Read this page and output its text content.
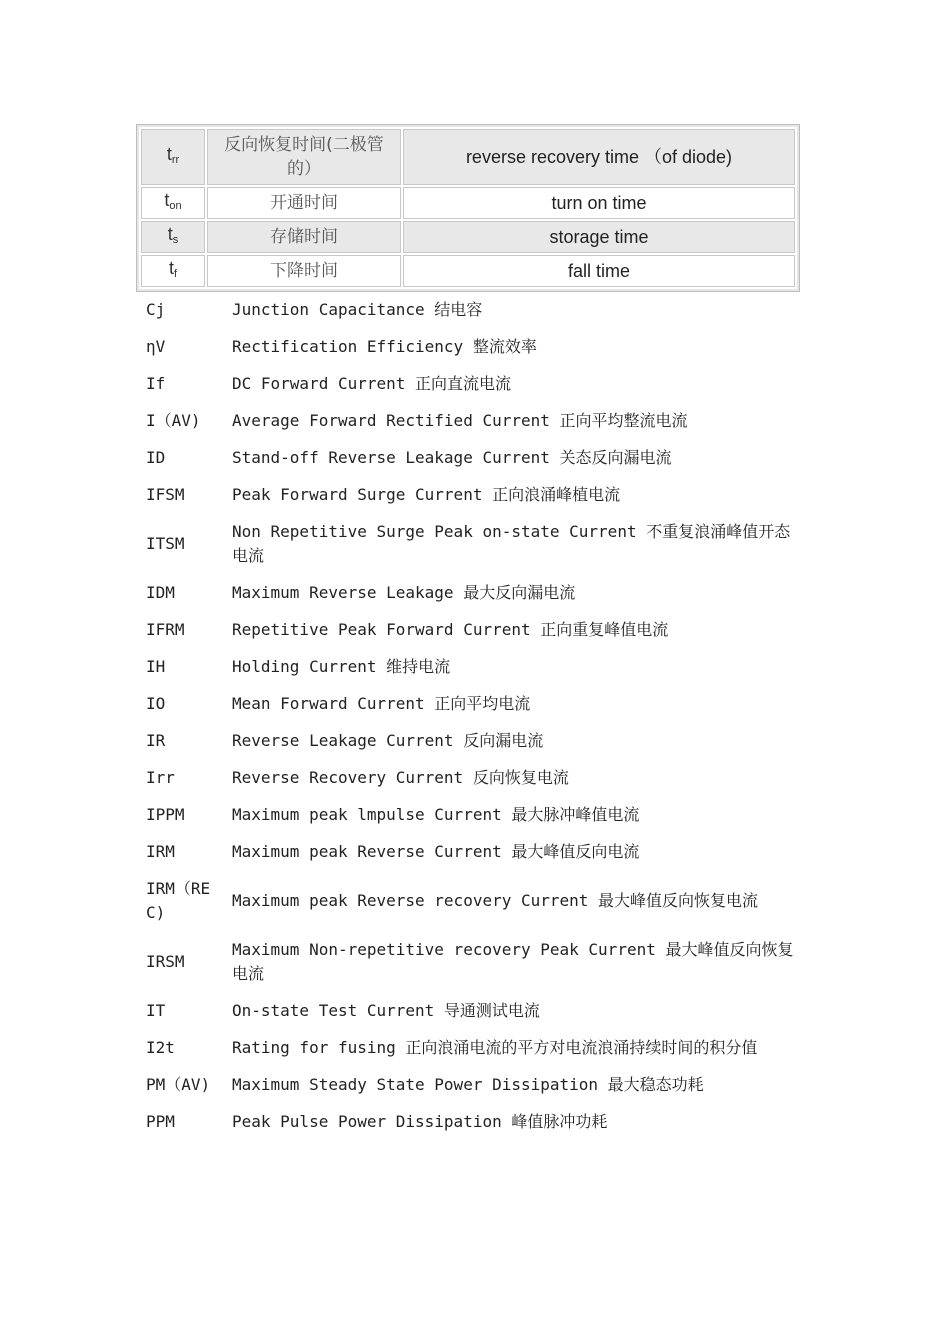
$t_{rr}$	反向恢复时间(二极管的）	reverse recovery time （of diode)
$t_{on}$	开通时间	turn on time
$t_s$	存储时间	storage time
$t_f$	下降时间	fall time
Cj	Junction Capacitance 结电容
ηV	Rectification Efficiency 整流效率
If	DC Forward Current 正向直流电流
I（AV)	Average Forward Rectified Current 正向平均整流电流
ID	Stand-off Reverse Leakage Current 关态反向漏电流
IFSM	Peak Forward Surge Current 正向浪涌峰植电流
ITSM	Non Repetitive Surge Peak on-state Current 不重复浪涌峰值开态电流
IDM	Maximum Reverse Leakage 最大反向漏电流
IFRM	Repetitive Peak Forward Current 正向重复峰值电流
IH	Holding Current 维持电流
IO	Mean Forward Current 正向平均电流
IR	Reverse Leakage Current 反向漏电流
Irr	Reverse Recovery Current 反向恢复电流
IPPM	Maximum peak lmpulse Current 最大脉冲峰值电流
IRM	Maximum peak Reverse Current 最大峰值反向电流
IRM（REC)	Maximum peak Reverse recovery Current 最大峰值反向恢复电流
IRSM	Maximum Non-repetitive recovery Peak Current 最大峰值反向恢复电流
IT	On-state Test Current 导通测试电流
I2t	Rating for fusing 正向浪涌电流的平方对电流浪涌持续时间的积分值
PM（AV)	Maximum Steady State Power Dissipation 最大稳态功耗
PPM	Peak Pulse Power Dissipation 峰值脉冲功耗
